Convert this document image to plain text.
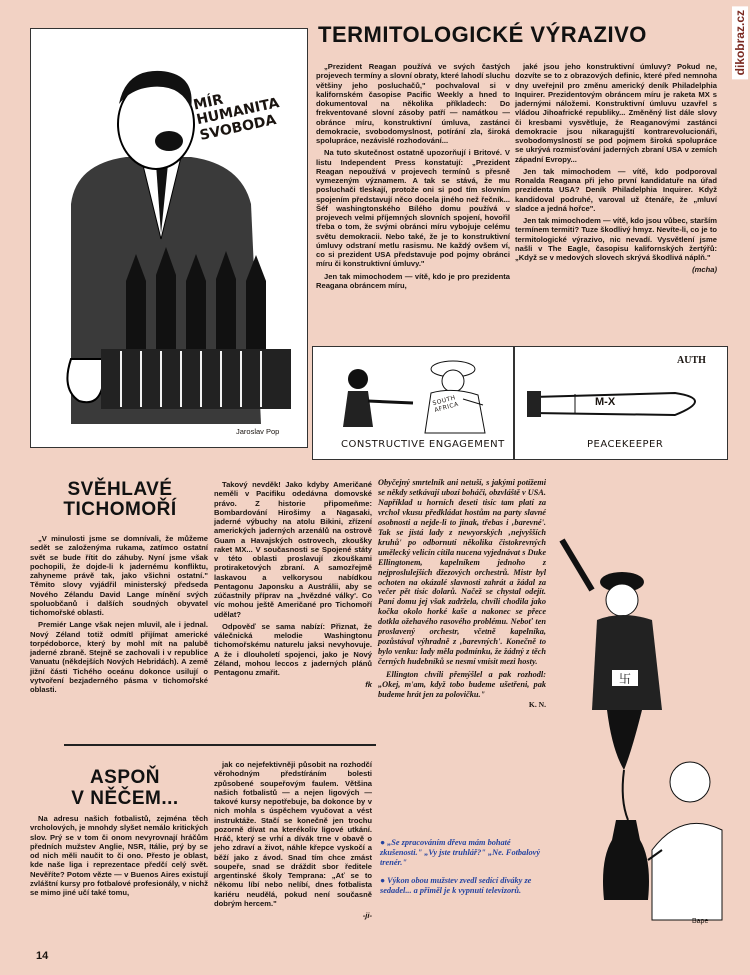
dikobraz.cz
MÍR HUMANITA SVOBODA
Jaroslav Pop
TERMITOLOGICKÉ VÝRAZIVO

„Prezident Reagan používá ve svých častých projevech termíny a slovní obraty, které lahodí sluchu většiny jeho posluchačů," pochvaloval si v kalifornském časopise Pacific Weekly a hned to dokumentoval na několika příkladech: Do frekventované slovní zásoby patří — namátkou — obránce míru, konstruktivní úmluva, zastánci demokracie, svobodomyslnost, potírání zla, široká spolupráce, nezávislé rozhodování...

Na tuto skutečnost ostatně upozorňují i Britové. V listu Independent Press konstatují: „Prezident Reagan nepoužívá v projevech termínů s přesně vymezeným významem. A tak se stává, že mu posluchači tleskají, protože oni si pod tím slovním spojením představují něco docela jiného než řečník... Šéf washingtonského Bílého domu používá v projevech velmi příjemných slovních spojení, hovořil třeba o tom, že svými obránci míru vybojuje celému světu demokracii. Nebo také, že je to konstruktivní úmluvy odstraní metlu rasismu. Ne každý ovšem ví, co si prezident USA představuje pod pojmy obránci míru či konstruktivní úmluvy."

Jen tak mimochodem — vítě, kdo je pro prezidenta Reagana obráncem míru,

jaké jsou jeho konstruktivní úmluvy? Pokud ne, dozvíte se to z obrazových definic, které před nemnoha dny uveřejnil pro změnu americký deník Philadelphia Inquirer. Prezidentovým obráncem míru je raketa MX s jadernými náložemi. Konstruktivní úmluvu uzavřel s vládou Jihoafrické republiky... Změněný list dále slovy či kresbami vysvětluje, že Reaganovými zastánci demokracie jsou nikaragujští kontrarevolucionáři, svobodomyslností se pod pojmem široká spolupráce se ukrývá rozmisťování jaderných zbraní USA v zemích západní Evropy...

Jen tak mimochodem — vítě, kdo podporoval Ronalda Reagana při jeho první kandidatuře na úřad prezidenta USA? Deník Philadelphia Inquirer. Když kandidoval podruhé, varoval už čtenáře, že „mluví sladce a jedná hořce".

Jen tak mimochodem — vítě, kdo jsou vůbec, starším termínem termiti? Tuze škodlivý hmyz. Nevíte-li, co je to termitologické výrazivo, nic nevadí. Vysvětlení jsme našli v The Eagle, časopisu kalifornských žertýřů: „Když se v medových slovech skrývá škodlivá náplň."

(mcha)
SOUTH AFRICA
CONSTRUCTIVE ENGAGEMENT
M-X
AUTH
PEACEKEEPER
SVĚHLAVÉ
TICHOMOŘÍ

„V minulosti jsme se domnívali, že můžeme sedět se založenýma rukama, zatímco ostatní svět se bude řítit do záhuby. Nyní jsme však pochopili, že dojde-li k jadernému konfliktu, zahyneme právě tak, jako všichni ostatní." Těmito slovy vyjádřil ministerský předseda Nového Zélandu David Lange mínění svých spoluobčanů i dalších soudných obyvatel tichomořské oblasti.

Premiér Lange však nejen mluvil, ale i jednal. Nový Zéland totiž odmítl přijímat americké torpédoborce, který by mohl mít na palubě jaderné zbraně. Stejně se zachovali i v republice Vanuatu (někdejších Nových Hebridách). A země jižní části Tichého oceánu dokonce usilují o vytvoření bezjaderného pásma v tichomořské oblasti.

Takový nevděk! Jako kdyby Američané neměli v Pacifiku odedávna domovské právo. Z historie připomeňme: Bombardování Hirošimy a Nagasaki, jaderné výbuchy na atolu Bikini, zřízení amerických jaderných arzenálů na ostrově Guam a Havajských ostrovech, zkoušky raket MX... V současnosti se Spojené státy v této oblasti proslavují zkouškami protiraketových zbraní. A samozřejmě laskavou a velkorysou nabídkou Pentagonu Japonsku a Austrálii, aby se zúčastnily příprav na „hvězdné války'. Co víc mohou ještě Američané pro Tichomoří udělat?

Odpověď se sama nabízí: Přiznat, že válečnická melodie Washingtonu tichomořskému naturelu jaksi nevyhovuje. A že i dlouholetí spojenci, jako je Nový Zéland, mohou leccos z jaderných plánů Pentagonu zmařit.

fk

Obyčejný smrtelník ani netuší, s jakými potížemi se někdy setkávají ubozí boháči, obzvláště v USA. Například u horních deseti tisíc tam platí za vrchol vkusu předkládat hostům na party slavné osobnosti a nejde-li to jinak, třebas i ‚barevné'. Tak se jistá lady z newyorských ‚nejvyšších kruhů' po odbornutí několika čistokrevných umělecký velicín cítila nucena vyjednávat s Duke Ellingtonem, kapelníkem jednoho z nejproslulejších džezových orchestrů. Mistr byl ochoten na okázalé slavnosti zahrát a žádal za večer pět tisíc dolarů. Načež se chystal odejít. Paní domu jej však zadržela, chvíli chodila jako kočka okolo horké kaše a nakonec se přece dotkla ožehavého rasového problému. Neboť ten proslavený orchestr, včetně kapelníka, pozůstával výhradně z ‚barevných'. Konečně to bylo venku: lady měla podmínku, že žádný z těch černých hudebníků se nesmí vmísit mezi hosty.

Ellington chvíli přemýšlel a pak rozhodl: „Okej, m'am, když tobo budeme ušetřeni, pak budeme hrát jen za polovičku."

K. N.
卐
Bape
ASPOŇ
V NĚČEM...

Na adresu našich fotbalistů, zejména těch vrcholových, je mnohdy slyšet nemálo kritických slov. Prý se v tom či onom nevyrovnají hráčům předních mužstev Anglie, NSR, Itálie, prý by se od nich měli naučit to či ono. Přesto je oblast, kde naše liga i reprezentace předčí celý svět. Nevěříte? Potom vězte — v Buenos Aires existují zvláštní kursy pro fotbalové profesionály, v nichž se mimo jiné učí také tomu,

jak co nejefektivněji působit na rozhodčí věrohodným předstíráním bolesti způsobené soupeřovým faulem. Většina našich fotbalistů — a nejen ligových — takové kursy nepotřebuje, ba dokonce by v nich mohla s úspěchem vyučovat a vést instruktáže. Stačí se konečně jen trochu pozorně dívat na kterékoliv ligové utkání. Hráč, který se vrhí a dívák trne v obavě o jeho zdraví a život, náhle křepce vyskočí a běží jako z ávod. Snad tím chce zmást soupeře, snad se dráždit sbor ředitele argentinské školy Temprana: „Ať se to někomu líbí nebo nelíbí, dnes fotbalista kariéru neudělá, pokud není současně dobrým hercem."

-ji-

● „Se zpracováním dřeva mám bohaté zkušenosti." „Vy jste truhlář?" „Ne. Fotbalový trenér."

● Výkon obou mužstev zvedl sedící diváky ze sedadel... a přiměl je k vypnutí televizorů.

14
